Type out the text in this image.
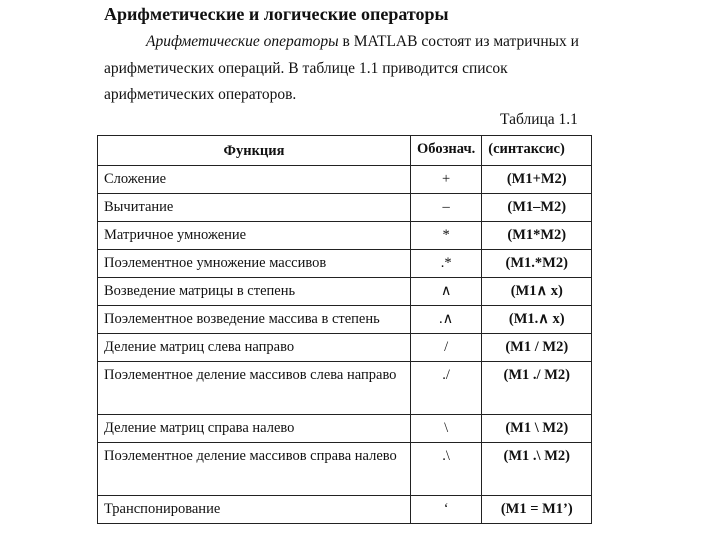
Арифметические и логические операторы
Арифметические операторы в MATLAB состоят из матричных и
арифметических операций. В таблице 1.1 приводится список
арифметических операторов.
Таблица 1.1
Функция	Обознач.	(синтаксис)
Сложение	+	(M1+M2)
Вычитание	–	(M1–M2)
Матричное умножение	*	(M1*M2)
Поэлементное умножение массивов	.*	(M1.*M2)
Возведение матрицы в степень	∧	(M1∧ x)
Поэлементное возведение массива в степень	.∧	(M1.∧ x)
Деление матриц слева направо	/	(M1 / M2)
Поэлементное деление массивов слева направо	./	(M1 ./ M2)
Деление матриц справа налево	\	(M1 \ M2)
Поэлементное деление массивов справа налево	.\	(M1 .\ M2)
Транспонирование	‘	(M1 = M1’)
